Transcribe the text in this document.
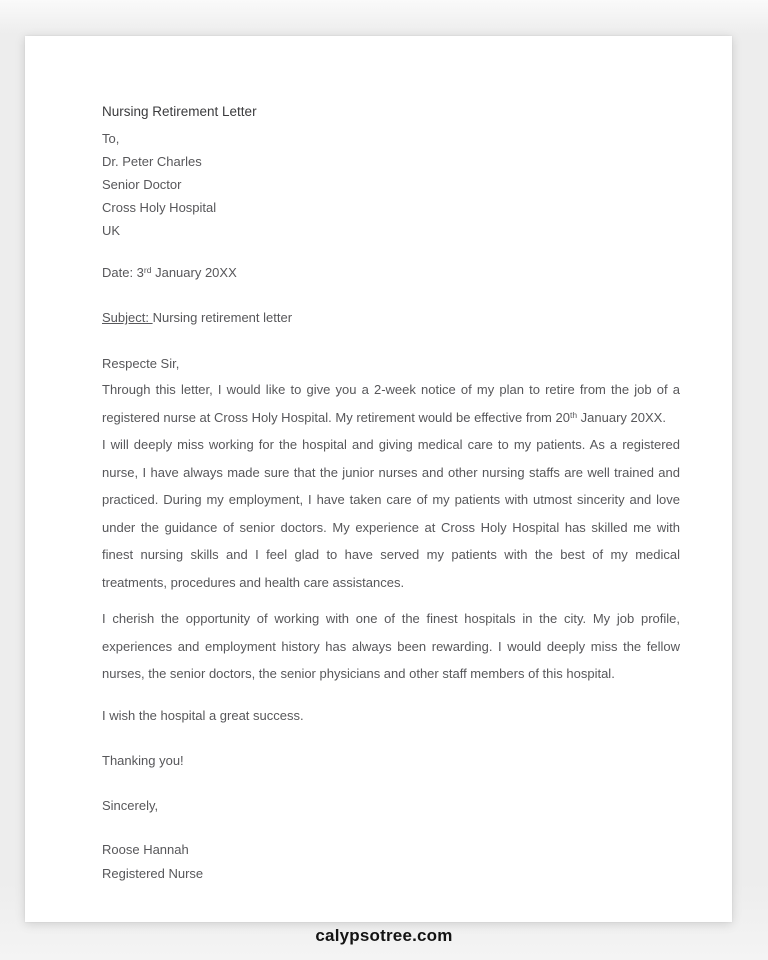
Nursing Retirement Letter
To,
Dr. Peter Charles
Senior Doctor
Cross Holy Hospital
UK
Date: 3rd January 20XX
Subject: Nursing retirement letter
Respecte Sir,

Through this letter, I would like to give you a 2-week notice of my plan to retire from the job of a registered nurse at Cross Holy Hospital. My retirement would be effective from 20th January 20XX.

I will deeply miss working for the hospital and giving medical care to my patients. As a registered nurse, I have always made sure that the junior nurses and other nursing staffs are well trained and practiced. During my employment, I have taken care of my patients with utmost sincerity and love under the guidance of senior doctors. My experience at Cross Holy Hospital has skilled me with finest nursing skills and I feel glad to have served my patients with the best of my medical treatments, procedures and health care assistances.

I cherish the opportunity of working with one of the finest hospitals in the city. My job profile, experiences and employment history has always been rewarding. I would deeply miss the fellow nurses, the senior doctors, the senior physicians and other staff members of this hospital.

I wish the hospital a great success.
Thanking you!
Sincerely,
Roose Hannah
Registered Nurse
calypsotree.com
